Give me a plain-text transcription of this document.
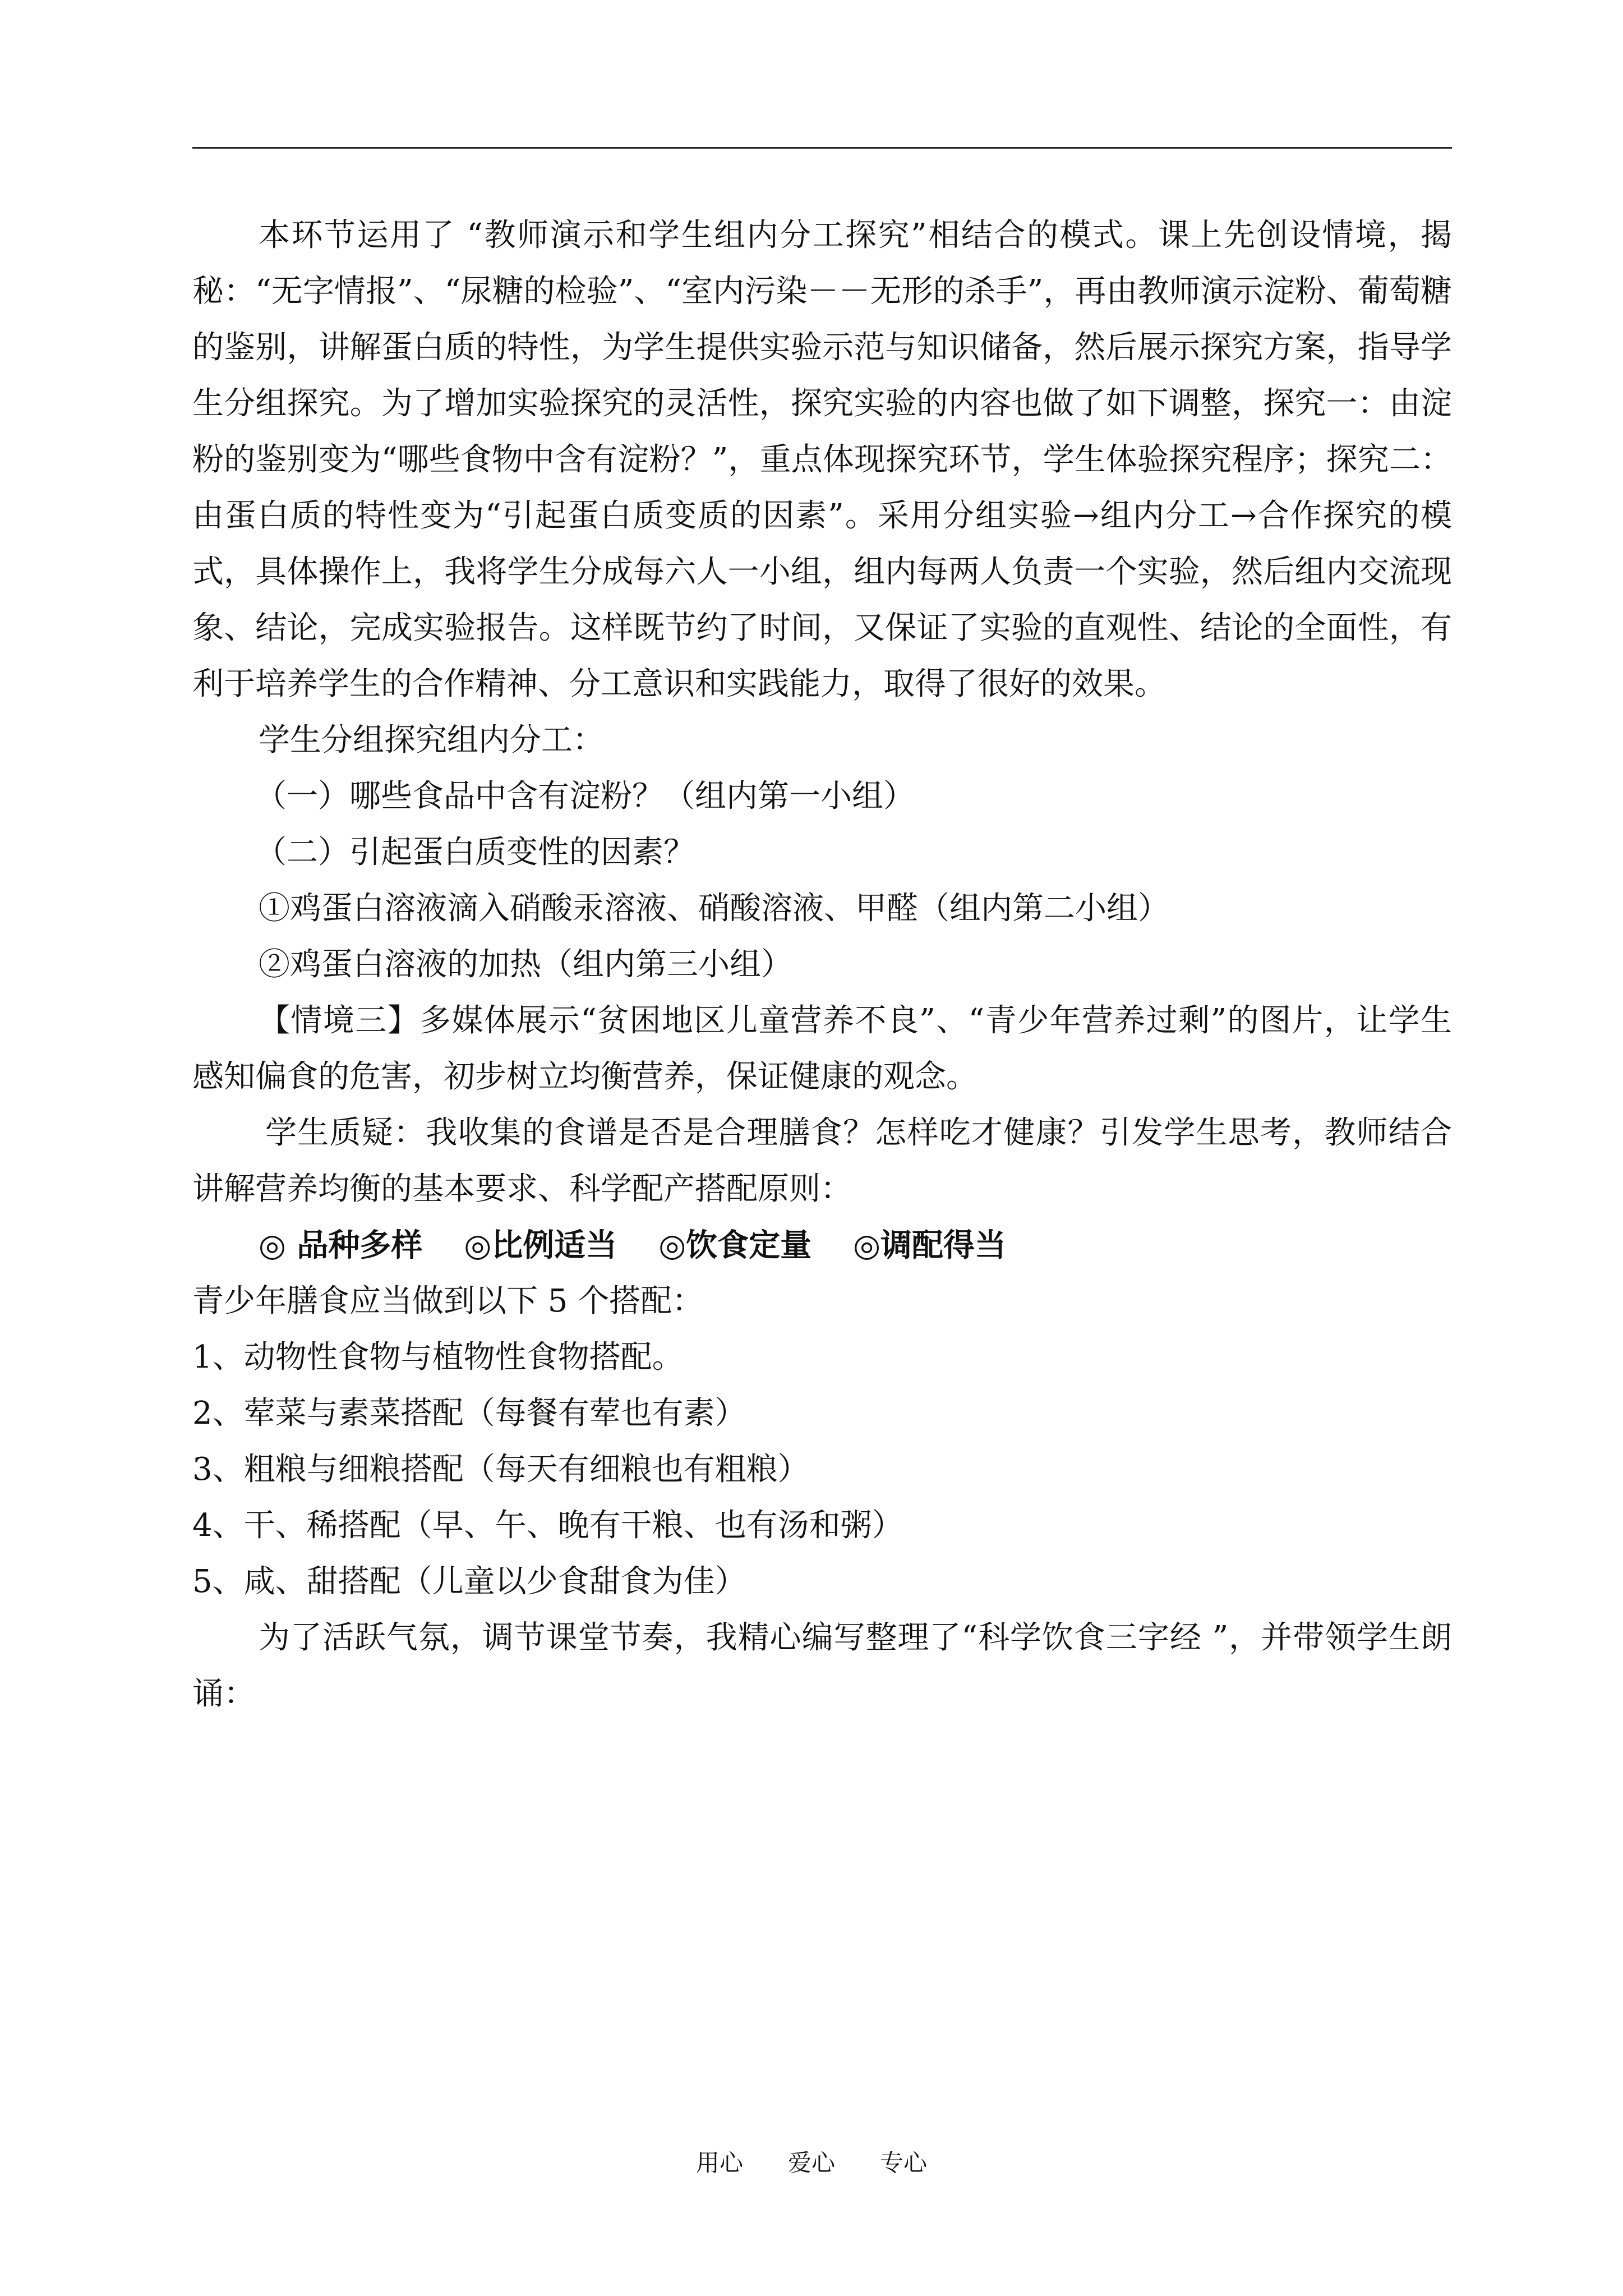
本环节运用了 “教师演示和学生组内分工探究”相结合的模式。课上先创设情境，揭秘：“无字情报”、“尿糖的检验”、“室内污染－－无形的杀手”，再由教师演示淀粉、葡萄糖的鉴别，讲解蛋白质的特性，为学生提供实验示范与知识储备，然后展示探究方案，指导学生分组探究。为了增加实验探究的灵活性，探究实验的内容也做了如下调整，探究一：由淀粉的鉴别变为“哪些食物中含有淀粉？”，重点体现探究环节，学生体验探究程序；探究二：由蛋白质的特性变为“引起蛋白质变质的因素”。采用分组实验→组内分工→合作探究的模式，具体操作上，我将学生分成每六人一小组，组内每两人负责一个实验，然后组内交流现象、结论，完成实验报告。这样既节约了时间，又保证了实验的直观性、结论的全面性，有利于培养学生的合作精神、分工意识和实践能力，取得了很好的效果。

学生分组探究组内分工：

（一）哪些食品中含有淀粉？（组内第一小组）

（二）引起蛋白质变性的因素？

①鸡蛋白溶液滴入硝酸汞溶液、硝酸溶液、甲醛（组内第二小组）

②鸡蛋白溶液的加热（组内第三小组）

【情境三】多媒体展示“贫困地区儿童营养不良”、“青少年营养过剩”的图片，让学生感知偏食的危害，初步树立均衡营养，保证健康的观念。

学生质疑：我收集的食谱是否是合理膳食？怎样吃才健康？引发学生思考，教师结合讲解营养均衡的基本要求、科学配产搭配原则：

◎ 品种多样 ◎比例适当 ◎饮食定量 ◎调配得当

青少年膳食应当做到以下 5 个搭配：

1、动物性食物与植物性食物搭配。

2、荤菜与素菜搭配（每餐有荤也有素）

3、粗粮与细粮搭配（每天有细粮也有粗粮）

4、干、稀搭配（早、午、晚有干粮、也有汤和粥）

5、咸、甜搭配（儿童以少食甜食为佳）

为了活跃气氛，调节课堂节奏，我精心编写整理了“科学饮食三字经 ”，并带领学生朗诵：

用心 爱心 专心
